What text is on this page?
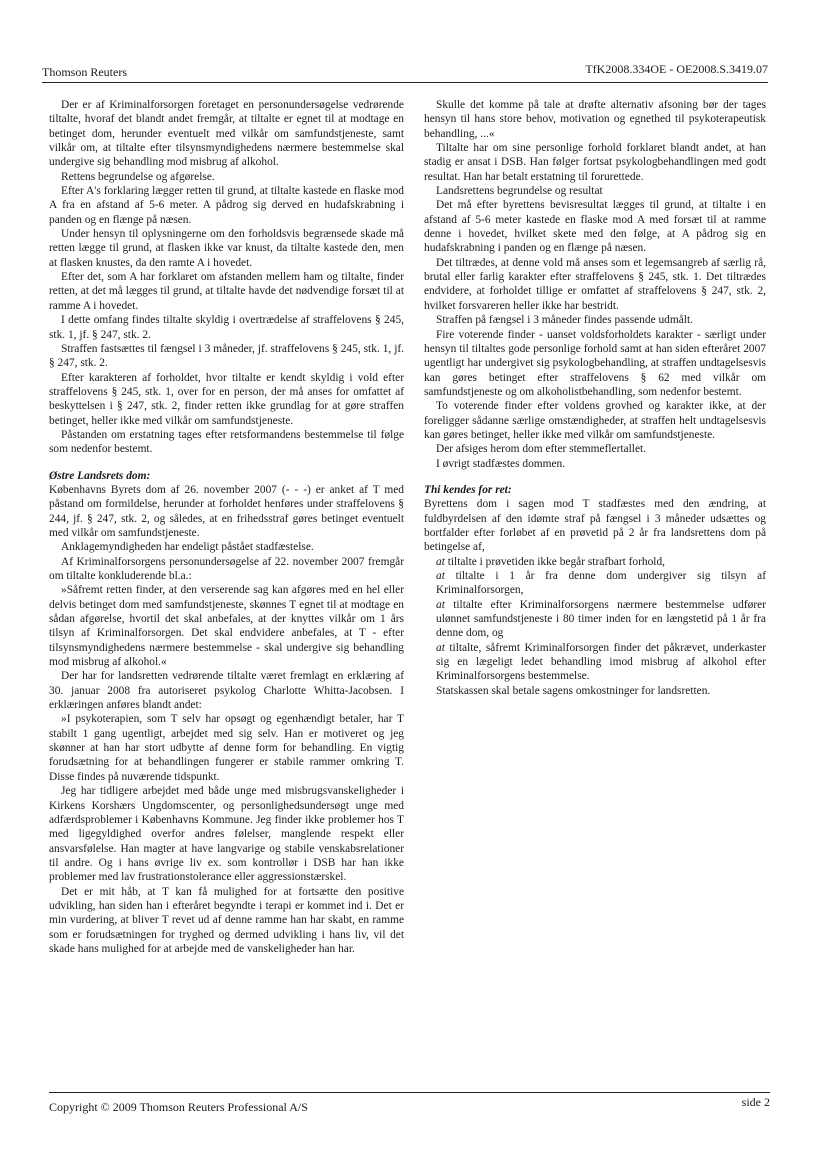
Thomson Reuters	TfK2008.334OE - OE2008.S.3419.07

Der er af Kriminalforsorgen foretaget en personundersøgelse vedrørende tiltalte, hvoraf det blandt andet fremgår, at tiltalte er egnet til at modtage en betinget dom, herunder eventuelt med vilkår om samfundstjeneste, samt vilkår om, at tiltalte efter tilsynsmyndighedens nærmere bestemmelse skal undergive sig behandling mod misbrug af alkohol.

Rettens begrundelse og afgørelse.

Efter A's forklaring lægger retten til grund, at tiltalte kastede en flaske mod A fra en afstand af 5-6 meter. A pådrog sig derved en hudafskrabning i panden og en flænge på næsen.

Under hensyn til oplysningerne om den forholdsvis begrænsede skade må retten lægge til grund, at flasken ikke var knust, da tiltalte kastede den, men at flasken knustes, da den ramte A i hovedet.

Efter det, som A har forklaret om afstanden mellem ham og tiltalte, finder retten, at det må lægges til grund, at tiltalte havde det nødvendige forsæt til at ramme A i hovedet.

I dette omfang findes tiltalte skyldig i overtrædelse af straffelovens § 245, stk. 1, jf. § 247, stk. 2.

Straffen fastsættes til fængsel i 3 måneder, jf. straffelovens § 245, stk. 1, jf. § 247, stk. 2.

Efter karakteren af forholdet, hvor tiltalte er kendt skyldig i vold efter straffelovens § 245, stk. 1, over for en person, der må anses for omfattet af beskyttelsen i § 247, stk. 2, finder retten ikke grundlag for at gøre straffen betinget, heller ikke med vilkår om samfundstjeneste.

Påstanden om erstatning tages efter retsformandens bestemmelse til følge som nedenfor bestemt.

Østre Landsrets dom:

Københavns Byrets dom af 26. november 2007 (- - -) er anket af T med påstand om formildelse, herunder at forholdet henføres under straffelovens § 244, jf. § 247, stk. 2, og således, at en frihedsstraf gøres betinget eventuelt med vilkår om samfundstjeneste.

Anklagemyndigheden har endeligt påstået stadfæstelse.

Af Kriminalforsorgens personundersøgelse af 22. november 2007 fremgår om tiltalte konkluderende bl.a.:

»Såfremt retten finder, at den verserende sag kan afgøres med en hel eller delvis betinget dom med samfundstjeneste, skønnes T egnet til at modtage en sådan afgørelse, hvortil det skal anbefales, at der knyttes vilkår om 1 års tilsyn af Kriminalforsorgen. Det skal endvidere anbefales, at T - efter tilsynsmyndighedens nærmere bestemmelse - skal undergive sig behandling mod misbrug af alkohol.«

Der har for landsretten vedrørende tiltalte været fremlagt en erklæring af 30. januar 2008 fra autoriseret psykolog Charlotte Whitta-Jacobsen. I erklæringen anføres blandt andet:

»I psykoterapien, som T selv har opsøgt og egenhændigt betaler, har T stabilt 1 gang ugentligt, arbejdet med sig selv. Han er motiveret og jeg skønner at han har stort udbytte af denne form for behandling. En vigtig forudsætning for at behandlingen fungerer er stabile rammer omkring T. Disse findes på nuværende tidspunkt.

Jeg har tidligere arbejdet med både unge med misbrugsvanskeligheder i Kirkens Korshærs Ungdomscenter, og personlighedsundersøgt unge med adfærdsproblemer i Københavns Kommune. Jeg finder ikke problemer hos T med ligegyldighed overfor andres følelser, manglende respekt eller ansvarsfølelse. Han magter at have langvarige og stabile venskabsrelationer til andre. Og i hans øvrige liv ex. som kontrollør i DSB har han ikke problemer med lav frustrationstolerance eller aggressionstærskel.

Det er mit håb, at T kan få mulighed for at fortsætte den positive udvikling, han siden han i efteråret begyndte i terapi er kommet ind i. Det er min vurdering, at bliver T revet ud af denne ramme han har skabt, en ramme som er forudsætningen for tryghed og dermed udvikling i hans liv, vil det skade hans mulighed for at arbejde med de vanskeligheder han har.

Skulle det komme på tale at drøfte alternativ afsoning bør der tages hensyn til hans store behov, motivation og egnethed til psykoterapeutisk behandling, ...«

Tiltalte har om sine personlige forhold forklaret blandt andet, at han stadig er ansat i DSB. Han følger fortsat psykologbehandlingen med godt resultat. Han har betalt erstatning til forurettede.

Landsrettens begrundelse og resultat

Det må efter byrettens bevisresultat lægges til grund, at tiltalte i en afstand af 5-6 meter kastede en flaske mod A med forsæt til at ramme denne i hovedet, hvilket skete med den følge, at A pådrog sig en hudafskrabning i panden og en flænge på næsen.

Det tiltrædes, at denne vold må anses som et legemsangreb af særlig rå, brutal eller farlig karakter efter straffelovens § 245, stk. 1. Det tiltrædes endvidere, at forholdet tillige er omfattet af straffelovens § 247, stk. 2, hvilket forsvareren heller ikke har bestridt.

Straffen på fængsel i 3 måneder findes passende udmålt.

Fire voterende finder - uanset voldsforholdets karakter - særligt under hensyn til tiltaltes gode personlige forhold samt at han siden efteråret 2007 ugentligt har undergivet sig psykologbehandling, at straffen undtagelsesvis kan gøres betinget efter straffelovens § 62 med vilkår om samfundstjeneste og om alkoholistbehandling, som nedenfor bestemt.

To voterende finder efter voldens grovhed og karakter ikke, at der foreligger sådanne særlige omstændigheder, at straffen helt undtagelsesvis kan gøres betinget, heller ikke med vilkår om samfundstjeneste.

Der afsiges herom dom efter stemmeflertallet.

I øvrigt stadfæstes dommen.

Thi kendes for ret:

Byrettens dom i sagen mod T stadfæstes med den ændring, at fuldbyrdelsen af den idømte straf på fængsel i 3 måneder udsættes og bortfalder efter forløbet af en prøvetid på 2 år fra landsrettens dom på betingelse af,

at tiltalte i prøvetiden ikke begår strafbart forhold,

at tiltalte i 1 år fra denne dom undergiver sig tilsyn af Kriminalforsorgen,

at tiltalte efter Kriminalforsorgens nærmere bestemmelse udfører ulønnet samfundstjeneste i 80 timer inden for en længstetid på 1 år fra denne dom, og

at tiltalte, såfremt Kriminalforsorgen finder det påkrævet, underkaster sig en lægeligt ledet behandling imod misbrug af alkohol efter Kriminalforsorgens bestemmelse.

Statskassen skal betale sagens omkostninger for landsretten.

Copyright © 2009 Thomson Reuters Professional A/S	side 2
